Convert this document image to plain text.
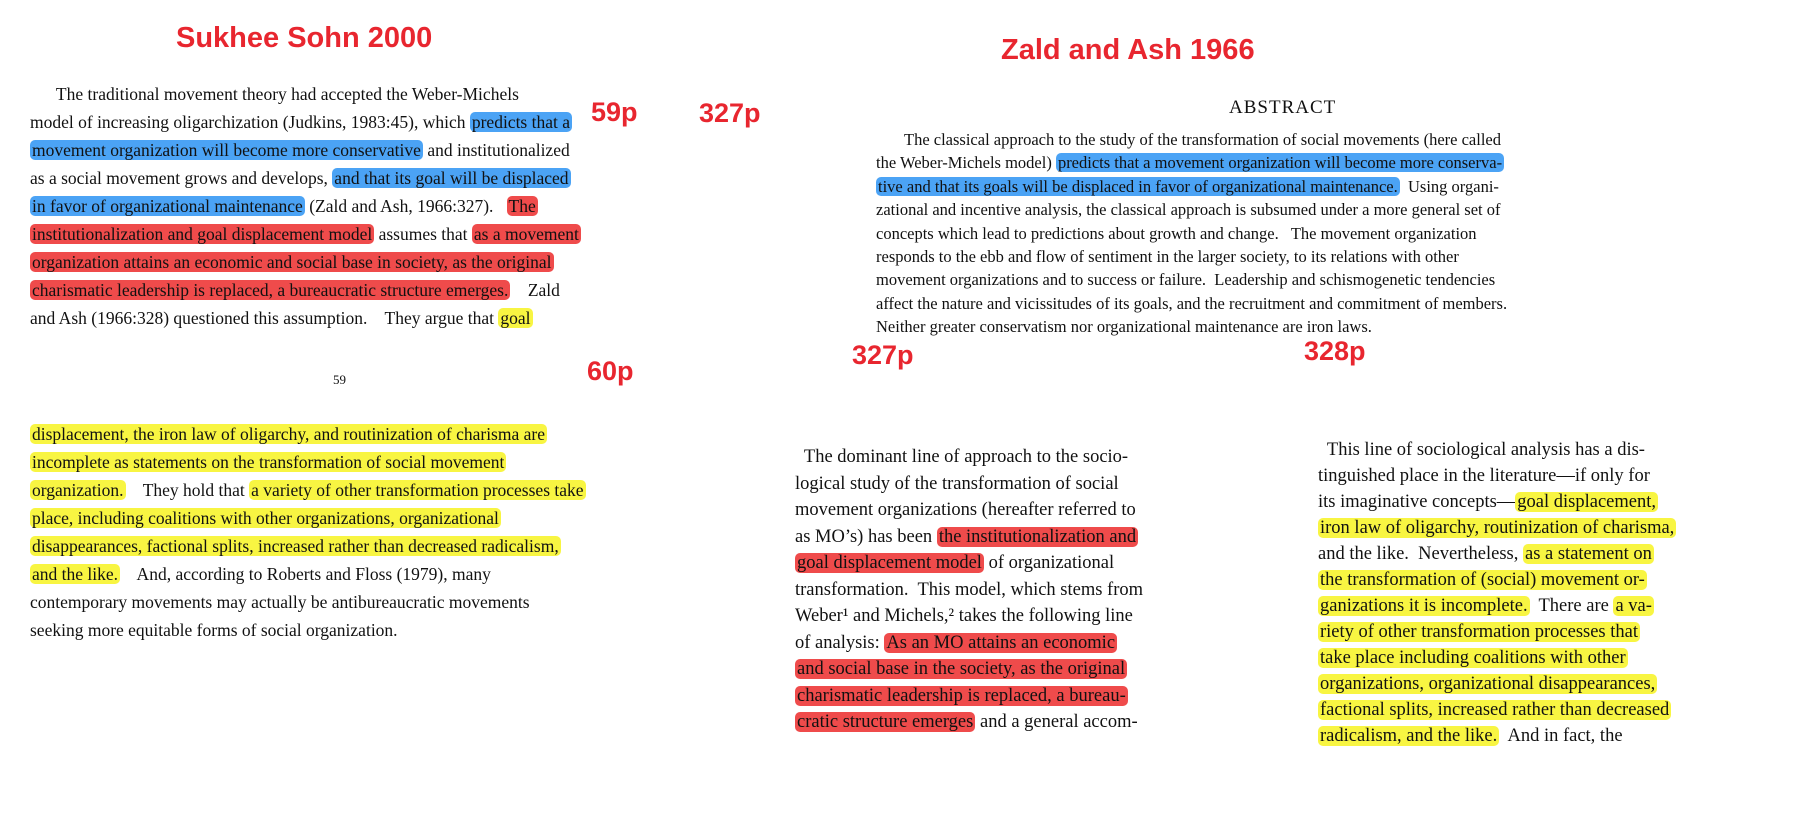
Sukhee Sohn 2000	Zald and Ash 1966
59p
60p
327p
327p	328p
The traditional movement theory had accepted the Weber-Michels
model of increasing oligarchization (Judkins, 1983:45), which predicts that a
movement organization will become more conservative and institutionalized
as a social movement grows and develops, and that its goal will be displaced
in favor of organizational maintenance (Zald and Ash, 1966:327).   The
institutionalization and goal displacement model assumes that as a movement
organization attains an economic and social base in society, as the original
charismatic leadership is replaced, a bureaucratic structure emerges.    Zald
and Ash (1966:328) questioned this assumption.    They argue that goal
59
displacement, the iron law of oligarchy, and routinization of charisma are
incomplete as statements on the transformation of social movement
organization.    They hold that a variety of other transformation processes take
place, including coalitions with other organizations, organizational
disappearances, factional splits, increased rather than decreased radicalism,
and the like.    And, according to Roberts and Floss (1979), many
contemporary movements may actually be antibureaucratic movements
seeking more equitable forms of social organization.
ABSTRACT
The classical approach to the study of the transformation of social movements (here called
the Weber-Michels model) predicts that a movement organization will become more conserva-
tive and that its goals will be displaced in favor of organizational maintenance.  Using organi-
zational and incentive analysis, the classical approach is subsumed under a more general set of
concepts which lead to predictions about growth and change.   The movement organization
responds to the ebb and flow of sentiment in the larger society, to its relations with other
movement organizations and to success or failure.  Leadership and schismogenetic tendencies
affect the nature and vicissitudes of its goals, and the recruitment and commitment of members.
Neither greater conservatism nor organizational maintenance are iron laws.
The dominant line of approach to the socio-
logical study of the transformation of social
movement organizations (hereafter referred to
as MO’s) has been the institutionalization and
goal displacement model of organizational
transformation.  This model, which stems from
Weber¹ and Michels,² takes the following line
of analysis: As an MO attains an economic
and social base in the society, as the original
charismatic leadership is replaced, a bureau-
cratic structure emerges and a general accom-
This line of sociological analysis has a dis-
tinguished place in the literature—if only for
its imaginative concepts— goal displacement,
iron law of oligarchy, routinization of charisma,
and the like.  Nevertheless, as a statement on
the transformation of (social) movement or-
ganizations it is incomplete.  There are a va-
riety of other transformation processes that
take place including coalitions with other
organizations, organizational disappearances,
factional splits, increased rather than decreased
radicalism, and the like.  And in fact, the
